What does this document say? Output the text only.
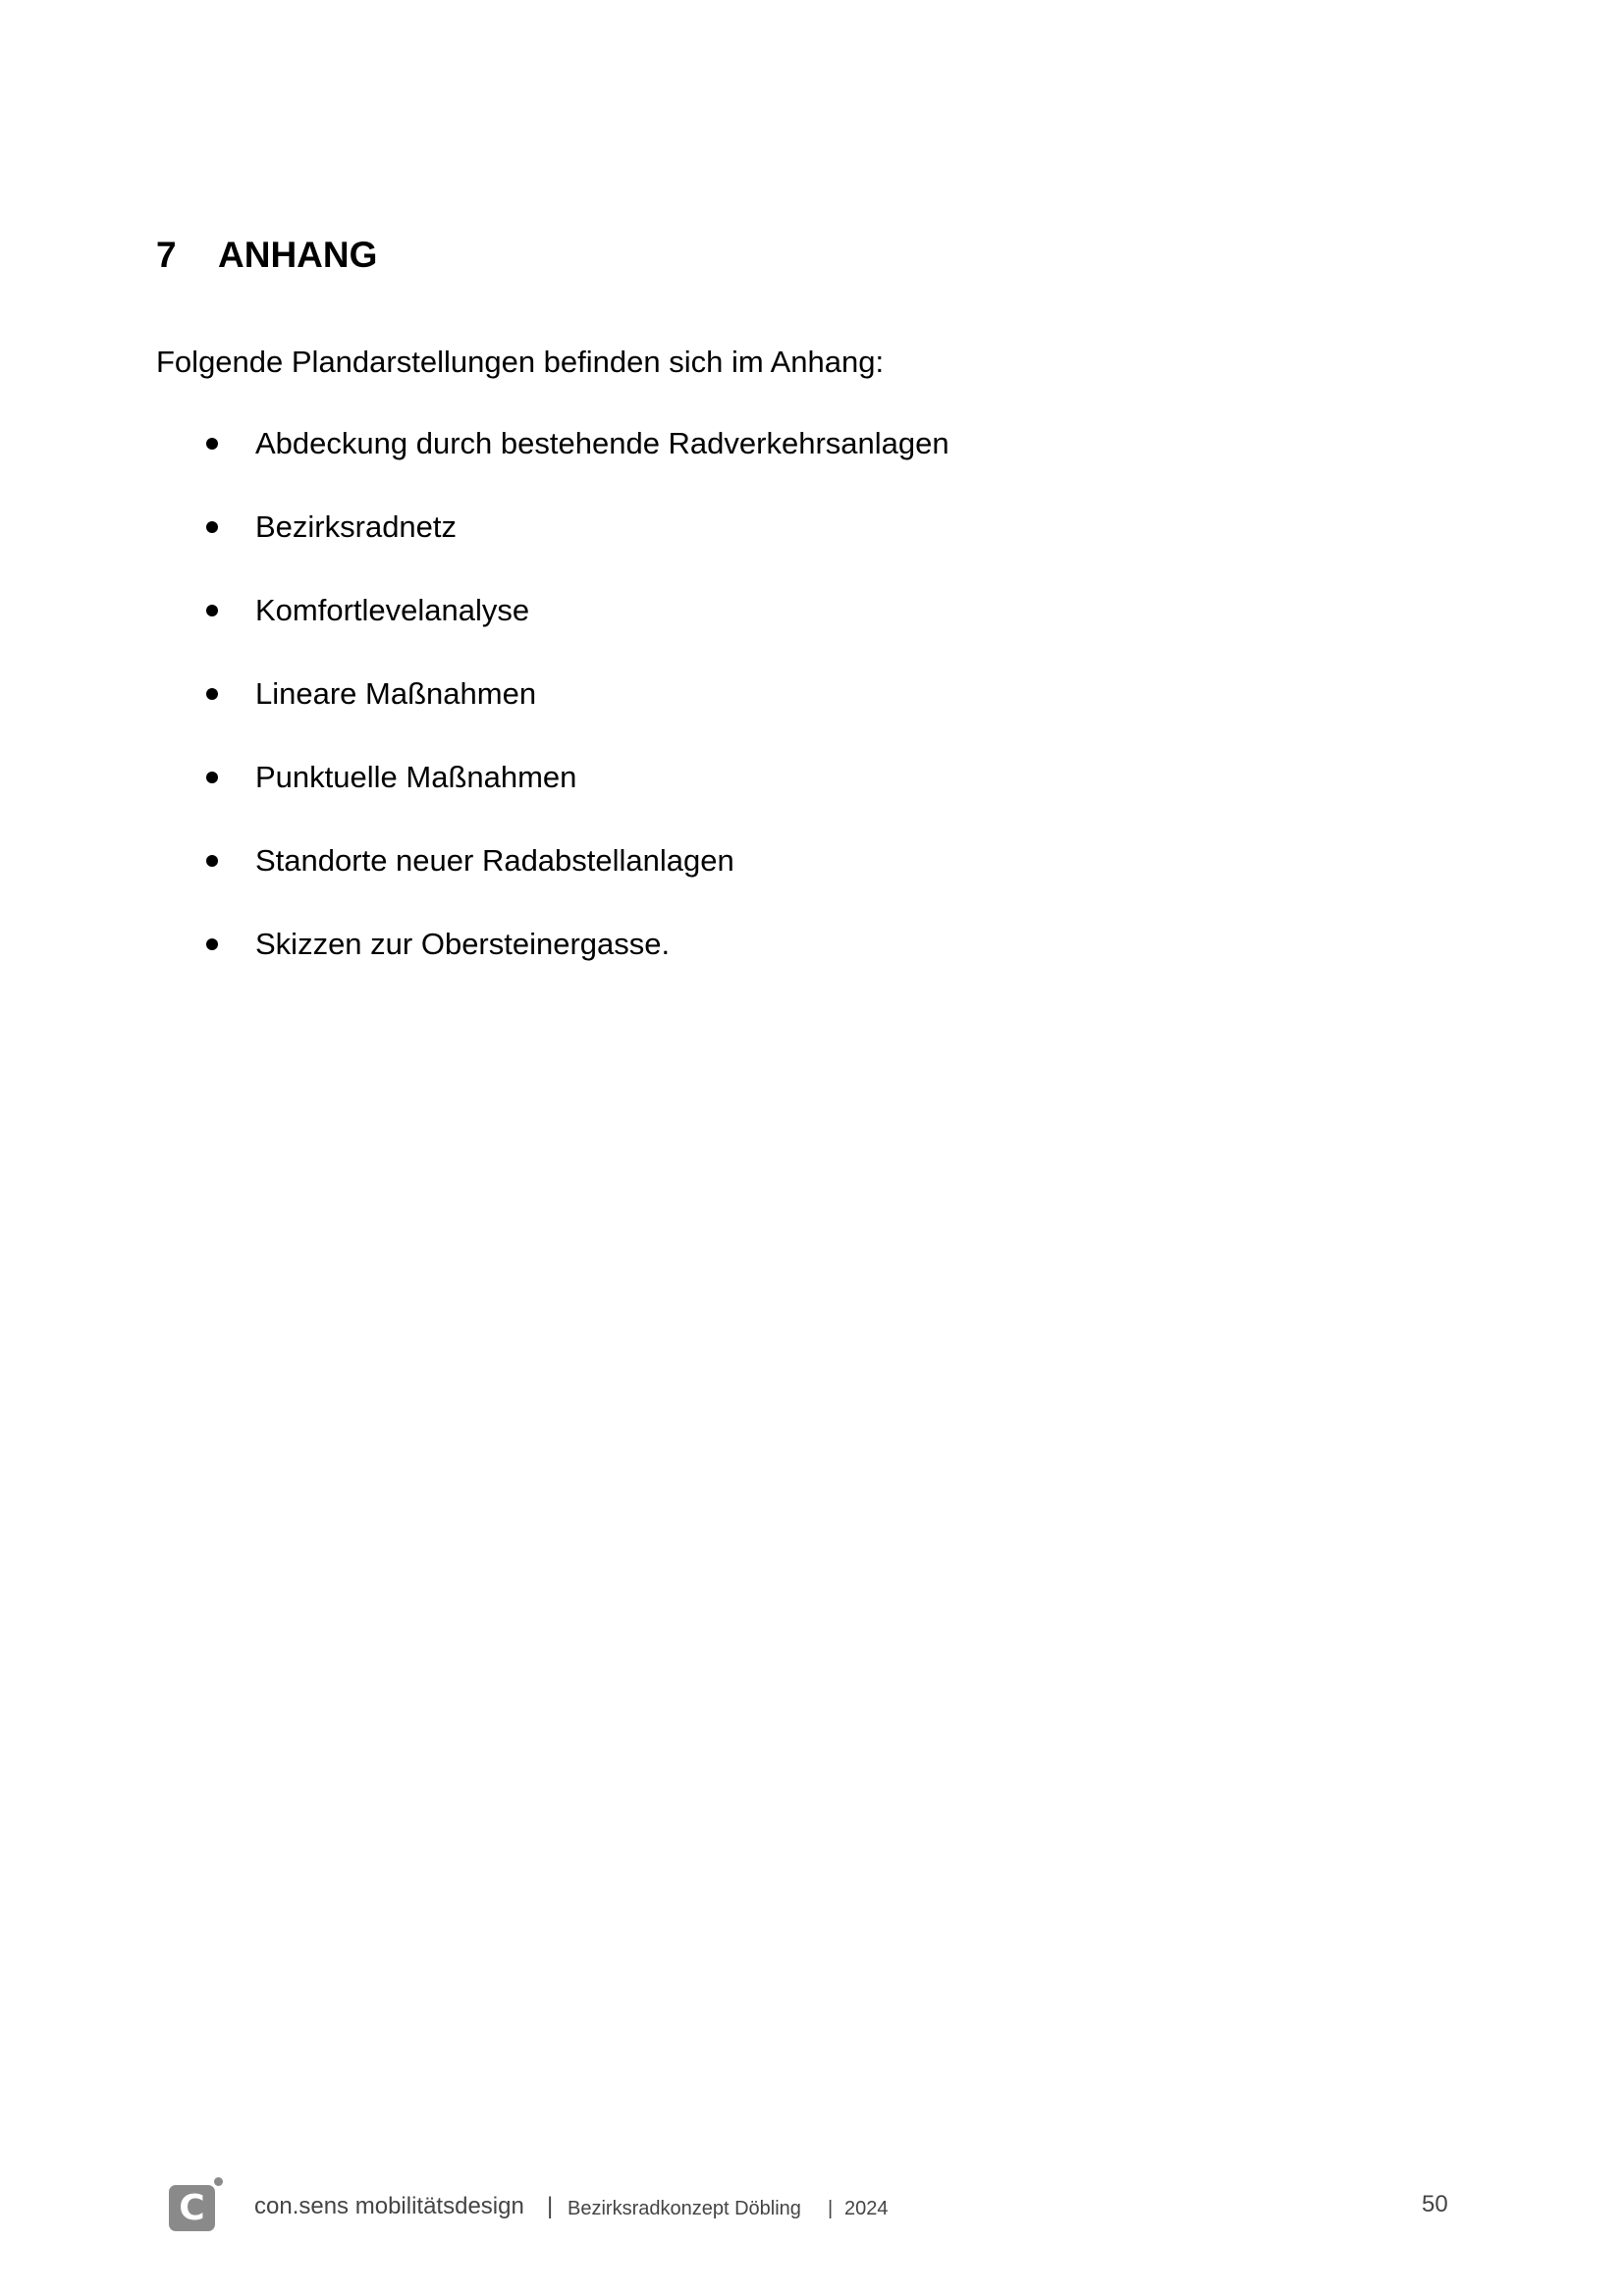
7 ANHANG
Folgende Plandarstellungen befinden sich im Anhang:
Abdeckung durch bestehende Radverkehrsanlagen
Bezirksradnetz
Komfortlevelanalyse
Lineare Maßnahmen
Punktuelle Maßnahmen
Standorte neuer Radabstellanlagen
Skizzen zur Obersteinergasse.
C	con.sens mobilitätsdesign | Bezirksradkonzept Döbling | 2024	50
